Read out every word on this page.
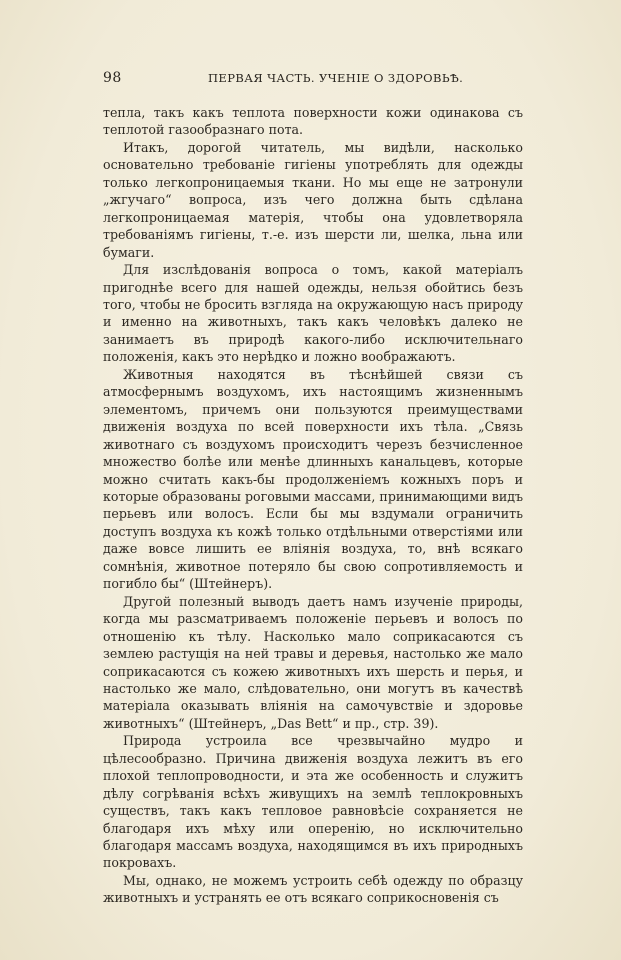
98	ПЕРВАЯ ЧАСТЬ. УЧЕНІЕ О ЗДОРОВЬѢ.

тепла, такъ какъ теплота поверхности кожи одинакова съ теплотой газообразнаго пота.

Итакъ, дорогой читатель, мы видѣли, насколько основательно требованіе гигіены употреблять для одежды только легкопроницаемыя ткани. Но мы еще не затронули „жгучаго“ вопроса, изъ чего должна быть сдѣлана легкопроницаемая матерія, чтобы она удовлетворяла требованіямъ гигіены, т.-е. изъ шерсти ли, шелка, льна или бумаги.

Для изслѣдованія вопроса о томъ, какой матеріалъ пригоднѣе всего для нашей одежды, нельзя обойтись безъ того, чтобы не бросить взгляда на окружающую насъ природу и именно на животныхъ, такъ какъ человѣкъ далеко не занимаетъ въ природѣ какого-либо исключительнаго положенія, какъ это нерѣдко и ложно воображаютъ.

Животныя находятся въ тѣснѣйшей связи съ атмосфернымъ воздухомъ, ихъ настоящимъ жизненнымъ элементомъ, причемъ они пользуются преимуществами движенія воздуха по всей поверхности ихъ тѣла. „Связь животнаго съ воздухомъ происходитъ черезъ безчисленное множество болѣе или менѣе длинныхъ канальцевъ, которые можно считать какъ-бы продолженіемъ кожныхъ поръ и которые образованы роговыми массами, принимающими видъ перьевъ или волосъ. Если бы мы вздумали ограничить доступъ воздуха къ кожѣ только отдѣльными отверстіями или даже вовсе лишить ее вліянія воздуха, то, внѣ всякаго сомнѣнія, животное потеряло бы свою сопротивляемость и погибло бы“ (Штейнеръ).

Другой полезный выводъ даетъ намъ изученіе природы, когда мы разсматриваемъ положеніе перьевъ и волосъ по отношенію къ тѣлу. Насколько мало соприкасаются съ землею растущія на ней травы и деревья, настолько же мало соприкасаются съ кожею животныхъ ихъ шерсть и перья, и настолько же мало, слѣдовательно, они могутъ въ качествѣ матеріала оказывать вліянія на самочувствіе и здоровье животныхъ“ (Штейнеръ, „Das Bett“ и пр., стр. 39).

Природа устроила все чрезвычайно мудро и цѣлесообразно. Причина движенія воздуха лежитъ въ его плохой теплопроводности, и эта же особенность и служитъ дѣлу согрѣванія всѣхъ живущихъ на землѣ теплокровныхъ существъ, такъ какъ тепловое равновѣсіе сохраняется не благодаря ихъ мѣху или оперенію, но исключительно благодаря массамъ воздуха, находящимся въ ихъ природныхъ покровахъ.

Мы, однако, не можемъ устроить себѣ одежду по образцу животныхъ и устранять ее отъ всякаго соприкосновенія съ
